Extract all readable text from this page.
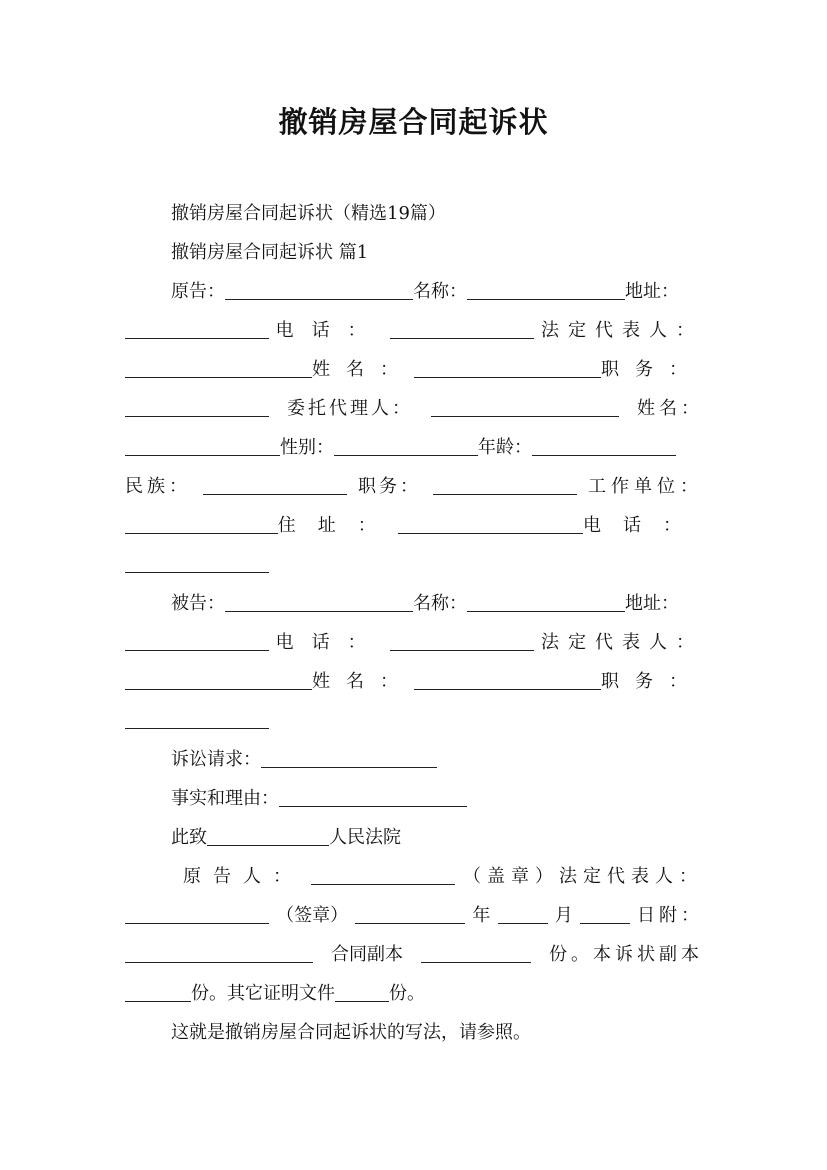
撤销房屋合同起诉状
撤销房屋合同起诉状（精选19篇）
撤销房屋合同起诉状 篇1
原告：	名称：	地址：
电话：	法定代表人：
姓名：	职务：
委托代理人：	姓名：
性别：	年龄：
民族：	职务：	工作单位：
住址：	电话：
被告：	名称：	地址：
电话：	法定代表人：
姓名：	职务：
诉讼请求：
事实和理由：
此致	人民法院
原告人：	（盖章）法定代表人：
（签章）	年	月	日附：
合同副本	份。本诉状副本
份。其它证明文件	份。
这就是撤销房屋合同起诉状的写法，请参照。
